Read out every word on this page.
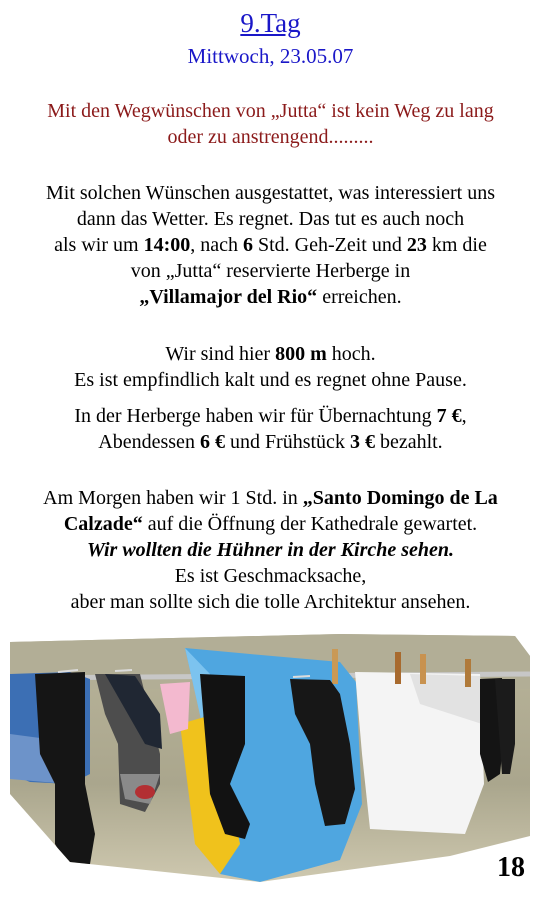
9.Tag
Mittwoch, 23.05.07
Mit den Wegwünschen von „Jutta“ ist kein Weg zu lang
oder zu anstrengend.........
Mit solchen Wünschen ausgestattet, was interessiert uns
dann das Wetter. Es regnet. Das tut es auch noch
als wir um 14:00, nach 6 Std. Geh-Zeit und 23 km die
von „Jutta“ reservierte Herberge in
„Villamajor del Rio“ erreichen.
Wir sind hier 800 m hoch.
Es ist empfindlich kalt und es regnet ohne Pause.
In der Herberge haben wir für Übernachtung 7 €,
Abendessen 6 € und Frühstück 3 € bezahlt.
Am Morgen haben wir 1 Std. in „Santo Domingo de La
Calzade“ auf die Öffnung der Kathedrale gewartet.
Wir wollten die Hühner in der Kirche sehen.
Es ist Geschmacksache,
aber man sollte sich die tolle Architektur ansehen.
18
